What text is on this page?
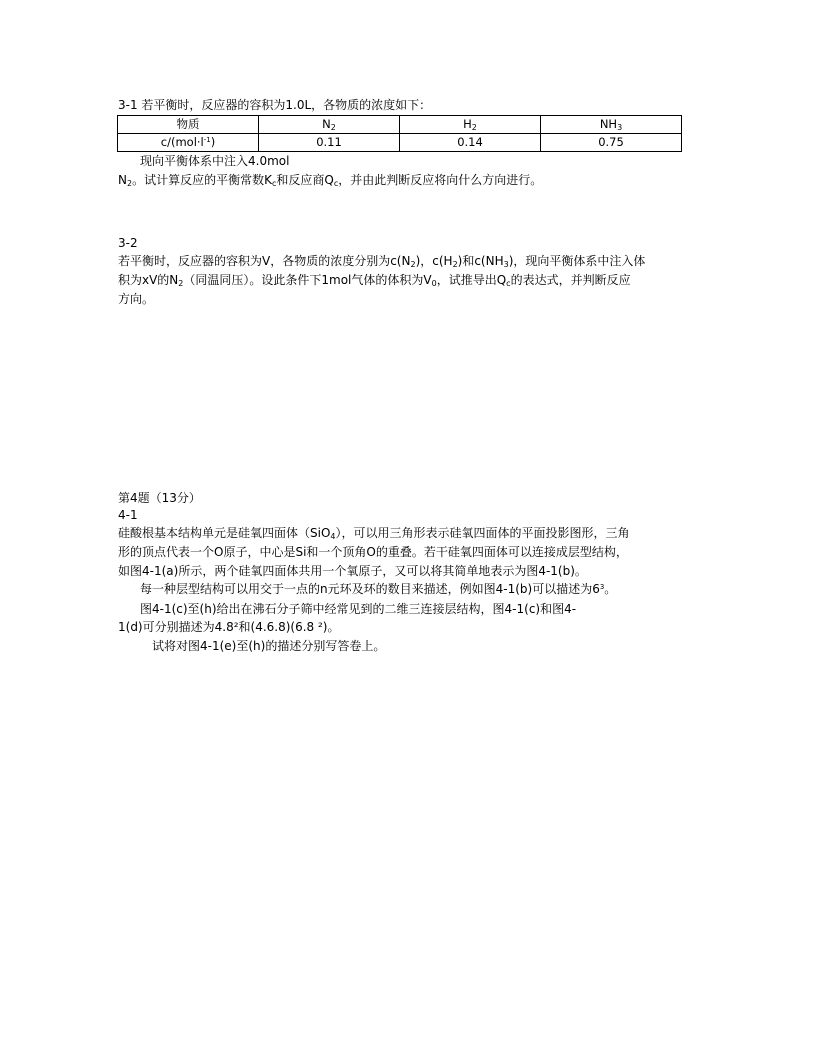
3-1 若平衡时，反应器的容积为1.0L，各物质的浓度如下：
物质	$N_2$	$H_2$	$NH_3$
$c/(mol\cdot l^{-1})$	0.11	0.14	0.75
现向平衡体系中注入4.0mol
$N_2$。试计算反应的平衡常数$K_c$和反应商$Q_c$，并由此判断反应将向什么方向进行。
3-2
若平衡时，反应器的容积为V，各物质的浓度分别为$c(N_2)$，$c(H_2)$和$c(NH_3)$，现向平衡体系中注入体
积为xV的$N_2$（同温同压）。设此条件下1mol气体的体积为$V_0$，试推导出$Q_c$的表达式，并判断反应
方向。
第4题（13分）
4-1
硅酸根基本结构单元是硅氧四面体（SiO$_4$），可以用三角形表示硅氧四面体的平面投影图形，三角
形的顶点代表一个O原子，中心是Si和一个顶角O的重叠。若干硅氧四面体可以连接成层型结构，
如图4-1(a)所示，两个硅氧四面体共用一个氧原子，又可以将其简单地表示为图4-1(b)。
每一种层型结构可以用交于一点的n元环及环的数目来描述，例如图4-1(b)可以描述为$6^3$。
图4-1(c)至(h)给出在沸石分子筛中经常见到的二维三连接层结构，图4-1(c)和图4-
1(d)可分别描述为4.8²和(4.6.8)(6.8 ²)。
试将对图4-1(e)至(h)的描述分别写答卷上。
